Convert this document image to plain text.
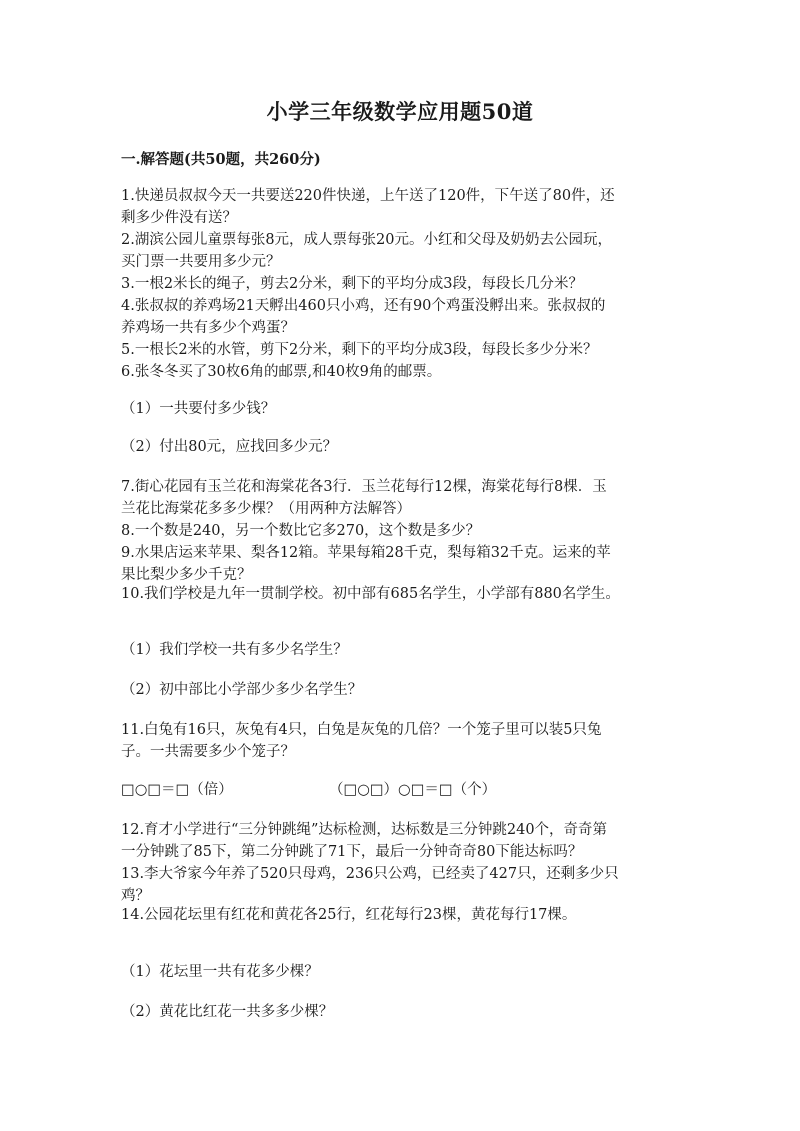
小学三年级数学应用题50道
一.解答题(共50题，共260分)
1.快递员叔叔今天一共要送220件快递，上午送了120件，下午送了80件，还
剩多少件没有送？
2.湖滨公园儿童票每张8元，成人票每张20元。小红和父母及奶奶去公园玩，
买门票一共要用多少元？
3.一根2米长的绳子，剪去2分米，剩下的平均分成3段，每段长几分米？
4.张叔叔的养鸡场21天孵出460只小鸡，还有90个鸡蛋没孵出来。张叔叔的
养鸡场一共有多少个鸡蛋？
5.一根长2米的水管，剪下2分米，剩下的平均分成3段，每段长多少分米？
6.张冬冬买了30枚6角的邮票,和40枚9角的邮票。
（1）一共要付多少钱？
（2）付出80元，应找回多少元？
7.街心花园有玉兰花和海棠花各3行．玉兰花每行12棵，海棠花每行8棵．玉
兰花比海棠花多多少棵？（用两种方法解答）
8.一个数是240，另一个数比它多270，这个数是多少？
9.水果店运来苹果、梨各12箱。苹果每箱28千克，梨每箱32千克。运来的苹
果比梨少多少千克？
10.我们学校是九年一贯制学校。初中部有685名学生，小学部有880名学生。
（1）我们学校一共有多少名学生？
（2）初中部比小学部少多少名学生？
11.白兔有16只，灰兔有4只，白兔是灰兔的几倍？一个笼子里可以装5只兔
子。一共需要多少个笼子？
□○□＝□（倍）	（□○□）○□＝□（个）
12.育才小学进行“三分钟跳绳”达标检测，达标数是三分钟跳240个，奇奇第
一分钟跳了85下，第二分钟跳了71下，最后一分钟奇奇80下能达标吗？
13.李大爷家今年养了520只母鸡，236只公鸡，已经卖了427只，还剩多少只
鸡？
14.公园花坛里有红花和黄花各25行，红花每行23棵，黄花每行17棵。
（1）花坛里一共有花多少棵？
（2）黄花比红花一共多多少棵？
